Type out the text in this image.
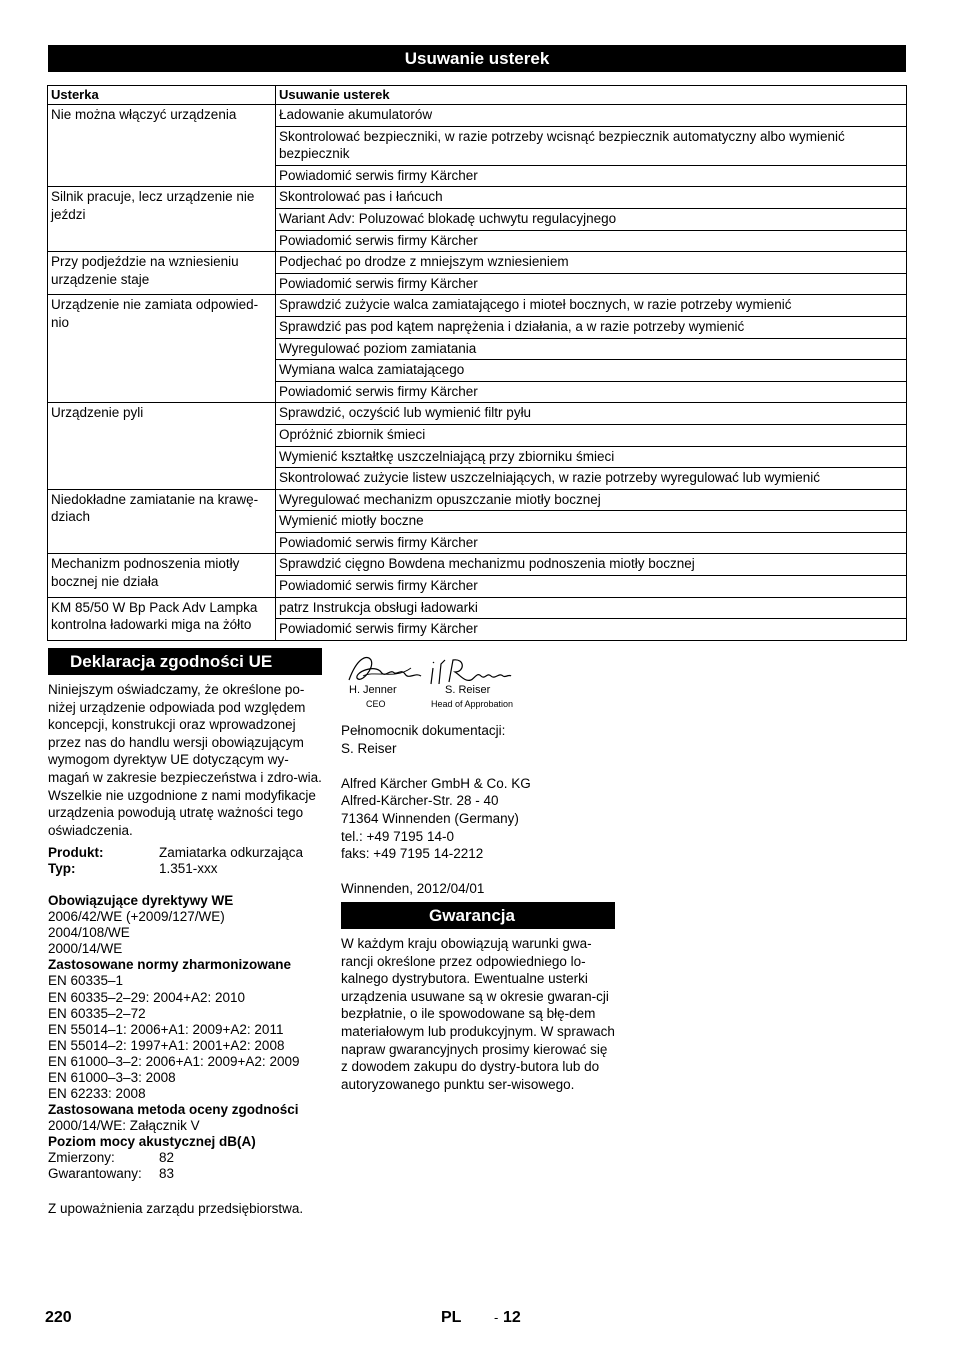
Usuwanie usterek
Usterka	Usuwanie usterek
Nie można włączyć urządzenia	Ładowanie akumulatorów
	Skontrolować bezpieczniki, w razie potrzeby wcisnąć bezpiecznik automatyczny albo wymienić bezpiecznik
	Powiadomić serwis firmy Kärcher
Silnik pracuje, lecz urządzenie nie jeździ	Skontrolować pas i łańcuch
	Wariant Adv: Poluzować blokadę uchwytu regulacyjnego
	Powiadomić serwis firmy Kärcher
Przy podjeździe na wzniesieniu urządzenie staje	Podjechać po drodze z mniejszym wzniesieniem
	Powiadomić serwis firmy Kärcher
Urządzenie nie zamiata odpowied-nio	Sprawdzić zużycie walca zamiatającego i mioteł bocznych, w razie potrzeby wymienić
	Sprawdzić pas pod kątem naprężenia i działania, a w razie potrzeby wymienić
	Wyregulować poziom zamiatania
	Wymiana walca zamiatającego
	Powiadomić serwis firmy Kärcher
Urządzenie pyli	Sprawdzić, oczyścić lub wymienić filtr pyłu
	Opróżnić zbiornik śmieci
	Wymienić kształtkę uszczelniającą przy zbiorniku śmieci
	Skontrolować zużycie listew uszczelniających, w razie potrzeby wyregulować lub wymienić
Niedokładne zamiatanie na krawę-dziach	Wyregulować mechanizm opuszczanie miotły bocznej
	Wymienić miotły boczne
	Powiadomić serwis firmy Kärcher
Mechanizm podnoszenia miotły bocznej nie działa	Sprawdzić cięgno Bowdena mechanizmu podnoszenia miotły bocznej
	Powiadomić serwis firmy Kärcher
KM 85/50 W Bp Pack Adv Lampka kontrolna ładowarki miga na żółto	patrz Instrukcja obsługi ładowarki
	Powiadomić serwis firmy Kärcher
Deklaracja zgodności UE
Niniejszym oświadczamy, że określone po-niżej urządzenie odpowiada pod względem koncepcji, konstrukcji oraz wprowadzonej przez nas do handlu wersji obowiązującym wymogom dyrektyw UE dotyczącym wy-magań w zakresie bezpieczeństwa i zdro-wia. Wszelkie nie uzgodnione z nami modyfikacje urządzenia powodują utratę ważności tego oświadczenia.
Produkt:	Zamiatarka odkurzająca
Typ:	1.351-xxx
Obowiązujące dyrektywy WE
2006/42/WE (+2009/127/WE)
2004/108/WE
2000/14/WE
Zastosowane normy zharmonizowane
EN 60335–1
EN 60335–2–29: 2004+A2: 2010
EN 60335–2–72
EN 55014–1: 2006+A1: 2009+A2: 2011
EN 55014–2: 1997+A1: 2001+A2: 2008
EN 61000–3–2: 2006+A1: 2009+A2: 2009
EN 61000–3–3: 2008
EN 62233: 2008
Zastosowana metoda oceny zgodności
2000/14/WE: Załącznik V
Poziom mocy akustycznej dB(A)
Zmierzony:	82
Gwarantowany: 83
Z upoważnienia zarządu przedsiębiorstwa.
H. Jenner
CEO
S. Reiser
Head of Approbation
Pełnomocnik dokumentacji:
S. Reiser
Alfred Kärcher GmbH & Co. KG
Alfred-Kärcher-Str. 28 - 40
71364 Winnenden (Germany)
tel.: +49 7195 14-0
faks: +49 7195 14-2212
Winnenden, 2012/04/01
Gwarancja
W każdym kraju obowiązują warunki gwa-rancji określone przez odpowiedniego lo-kalnego dystrybutora. Ewentualne usterki urządzenia usuwane są w okresie gwaran-cji bezpłatnie, o ile spowodowane są błę-dem materiałowym lub produkcyjnym. W sprawach napraw gwarancyjnych prosimy kierować się z dowodem zakupu do dystry-butora lub do autoryzowanego punktu ser-wisowego.
220	PL	- 12
